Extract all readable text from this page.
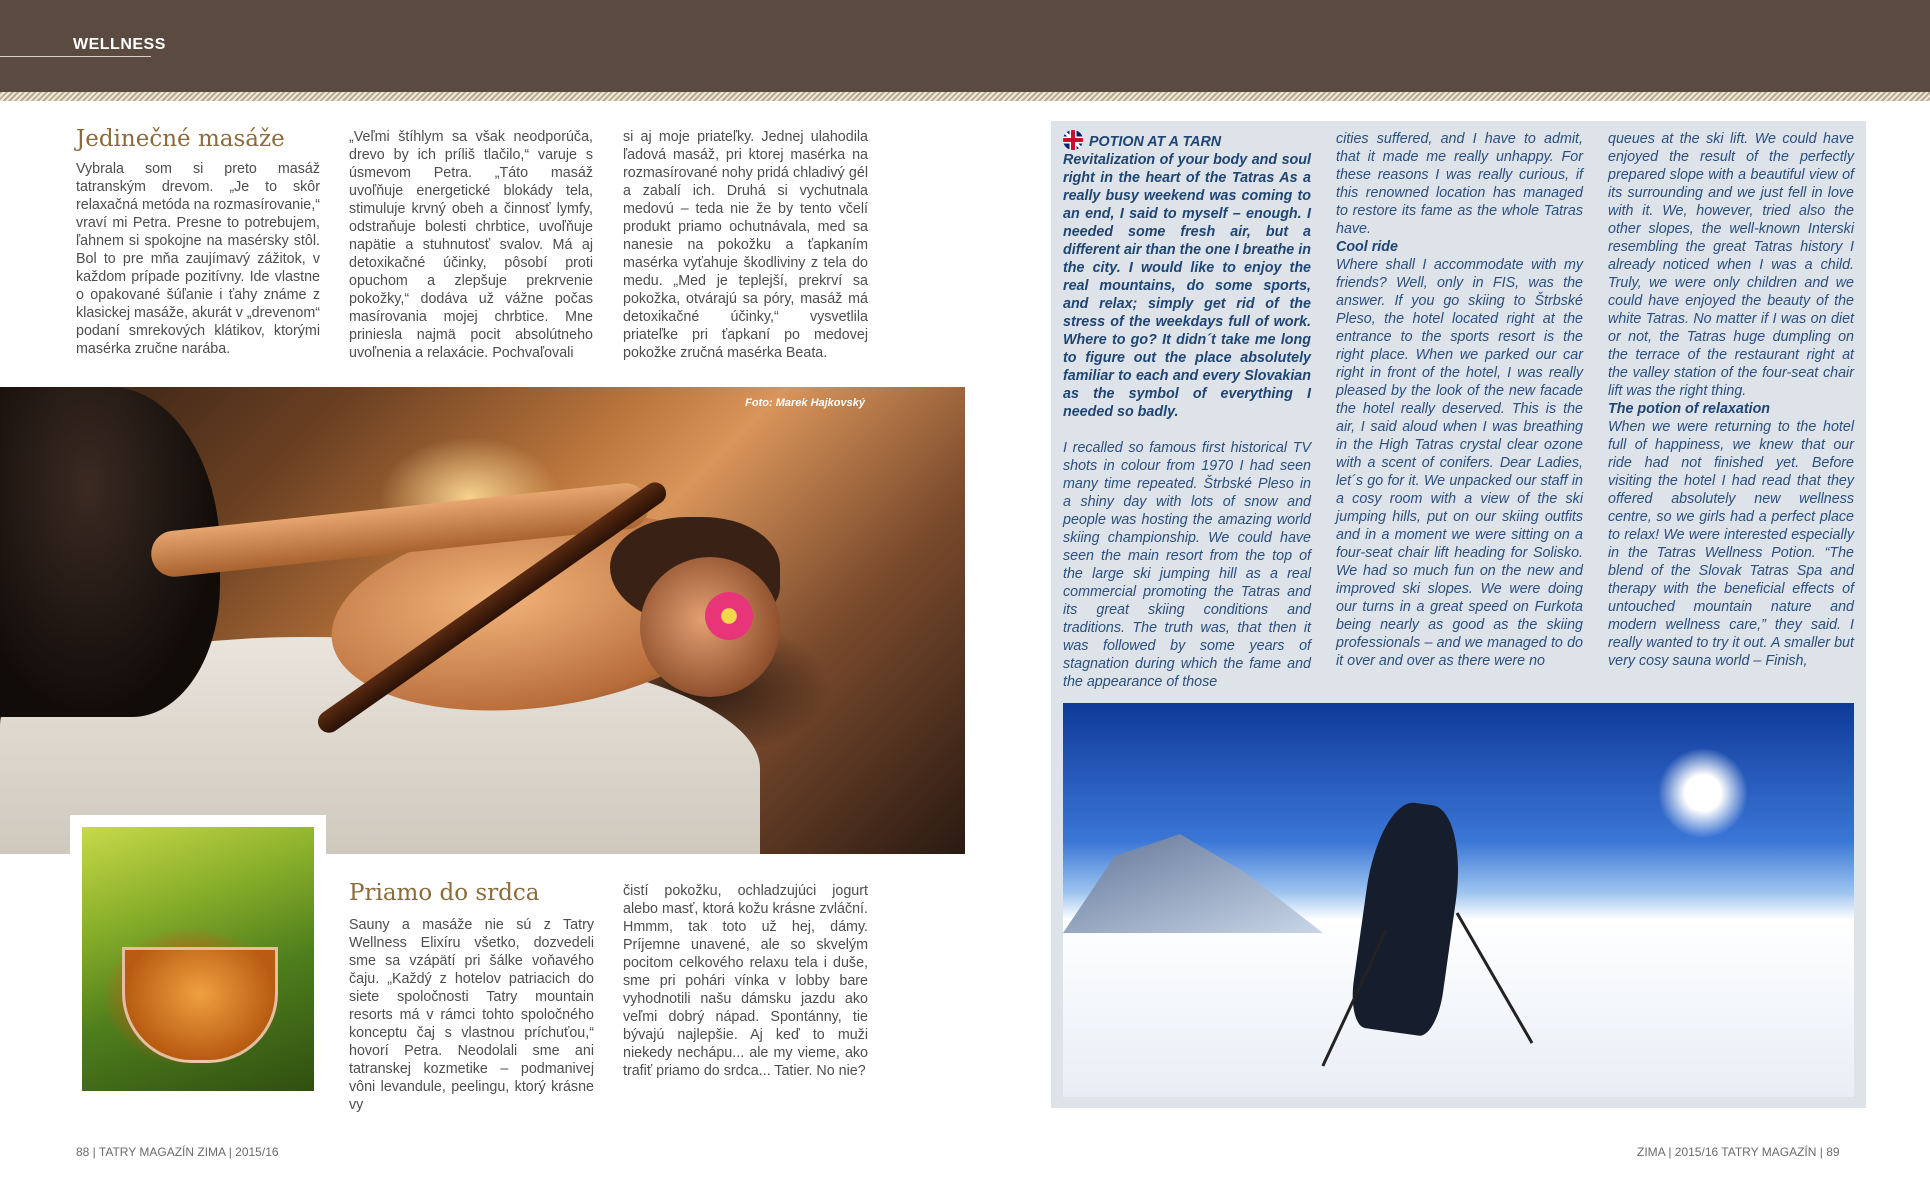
WELLNESS
Jedinečné masáže
Vybrala som si preto masáž tatranským drevom. „Je to skôr relaxačná metóda na rozmasírovanie,“ vraví mi Petra. Presne to potrebujem, ľahnem si spokojne na masérsky stôl. Bol to pre mňa zaujímavý zážitok, v každom prípade pozitívny. Ide vlastne o opakované šúľanie i ťahy známe z klasickej masáže, akurát v „drevenom“ podaní smrekových klátikov, ktorými masérka zručne narába.
„Veľmi štíhlym sa však neodporúča, drevo by ich príliš tlačilo,“ varuje s úsmevom Petra. „Táto masáž uvoľňuje energetické blokády tela, stimuluje krvný obeh a činnosť lymfy, odstraňuje bolesti chrbtice, uvoľňuje napätie a stuhnutosť svalov. Má aj detoxikačné účinky, pôsobí proti opuchom a zlepšuje prekrvenie pokožky,“ dodáva už vážne počas masírovania mojej chrbtice. Mne priniesla najmä pocit absolútneho uvoľnenia a relaxácie. Pochvaľovali
si aj moje priateľky. Jednej ulahodila ľadová masáž, pri ktorej masérka na rozmasírované nohy pridá chladivý gél a zabalí ich. Druhá si vychutnala medovú – teda nie že by tento včelí produkt priamo ochutnávala, med sa nanesie na pokožku a ťapkaním masérka vyťahuje škodliviny z tela do medu. „Med je teplejší, prekrví sa pokožka, otvárajú sa póry, masáž má detoxikačné účinky,“ vysvetlila priateľke pri ťapkaní po medovej pokožke zručná masérka Beata.
Foto: Marek Hajkovský
Priamo do srdca
Sauny a masáže nie sú z Tatry Wellness Elixíru všetko, dozvedeli sme sa vzápätí pri šálke voňavého čaju. „Každý z hotelov patriacich do siete spoločnosti Tatry mountain resorts má v rámci tohto spoločného konceptu čaj s vlastnou príchuťou,“ hovorí Petra. Neodolali sme ani tatranskej kozmetike – podmanivej vôni levandule, peelingu, ktorý krásne vy
čistí pokožku, ochladzujúci jogurt alebo masť, ktorá kožu krásne zvláční. Hmmm, tak toto už hej, dámy. Príjemne unavené, ale so skvelým pocitom celkového relaxu tela i duše, sme pri pohári vínka v lobby bare vyhodnotili našu dámsku jazdu ako veľmi dobrý nápad. Spontánny, tie bývajú najlepšie. Aj keď to muži niekedy nechápu... ale my vieme, ako trafiť priamo do srdca... Tatier. No nie?
88 | TATRY MAGAZÍN ZIMA | 2015/16
POTION AT A TARN
Revitalization of your body and soul right in the heart of the Tatras As a really busy weekend was coming to an end, I said to myself – enough. I needed some fresh air, but a different air than the one I breathe in the city. I would like to enjoy the real mountains, do some sports, and relax; simply get rid of the stress of the weekdays full of work. Where to go? It didn´t take me long to figure out the place absolutely familiar to each and every Slovakian as the symbol of everything I needed so badly.
I recalled so famous first historical TV shots in colour from 1970 I had seen many time repeated. Štrbské Pleso in a shiny day with lots of snow and people was hosting the amazing world skiing championship. We could have seen the main resort from the top of the large ski jumping hill as a real commercial promoting the Tatras and its great skiing conditions and traditions. The truth was, that then it was followed by some years of stagnation during which the fame and the appearance of those
cities suffered, and I have to admit, that it made me really unhappy. For these reasons I was really curious, if this renowned location has managed to restore its fame as the whole Tatras have.
Cool ride
Where shall I accommodate with my friends? Well, only in FIS, was the answer. If you go skiing to Štrbské Pleso, the hotel located right at the entrance to the sports resort is the right place. When we parked our car right in front of the hotel, I was really pleased by the look of the new facade the hotel really deserved. This is the air, I said aloud when I was breathing in the High Tatras crystal clear ozone with a scent of conifers. Dear Ladies, let´s go for it. We unpacked our staff in a cosy room with a view of the ski jumping hills, put on our skiing outfits and in a moment we were sitting on a four-seat chair lift heading for Solisko. We had so much fun on the new and improved ski slopes. We were doing our turns in a great speed on Furkota being nearly as good as the skiing professionals – and we managed to do it over and over as there were no
queues at the ski lift. We could have enjoyed the result of the perfectly prepared slope with a beautiful view of its surrounding and we just fell in love with it. We, however, tried also the other slopes, the well-known Interski resembling the great Tatras history I already noticed when I was a child. Truly, we were only children and we could have enjoyed the beauty of the white Tatras. No matter if I was on diet or not, the Tatras huge dumpling on the terrace of the restaurant right at the valley station of the four-seat chair lift was the right thing.
The potion of relaxation
When we were returning to the hotel full of happiness, we knew that our ride had not finished yet. Before visiting the hotel I had read that they offered absolutely new wellness centre, so we girls had a perfect place to relax! We were interested especially in the Tatras Wellness Potion. “The blend of the Slovak Tatras Spa and therapy with the beneficial effects of untouched mountain nature and modern wellness care,” they said. I really wanted to try it out. A smaller but very cosy sauna world – Finish,
ZIMA | 2015/16 TATRY MAGAZÍN | 89
